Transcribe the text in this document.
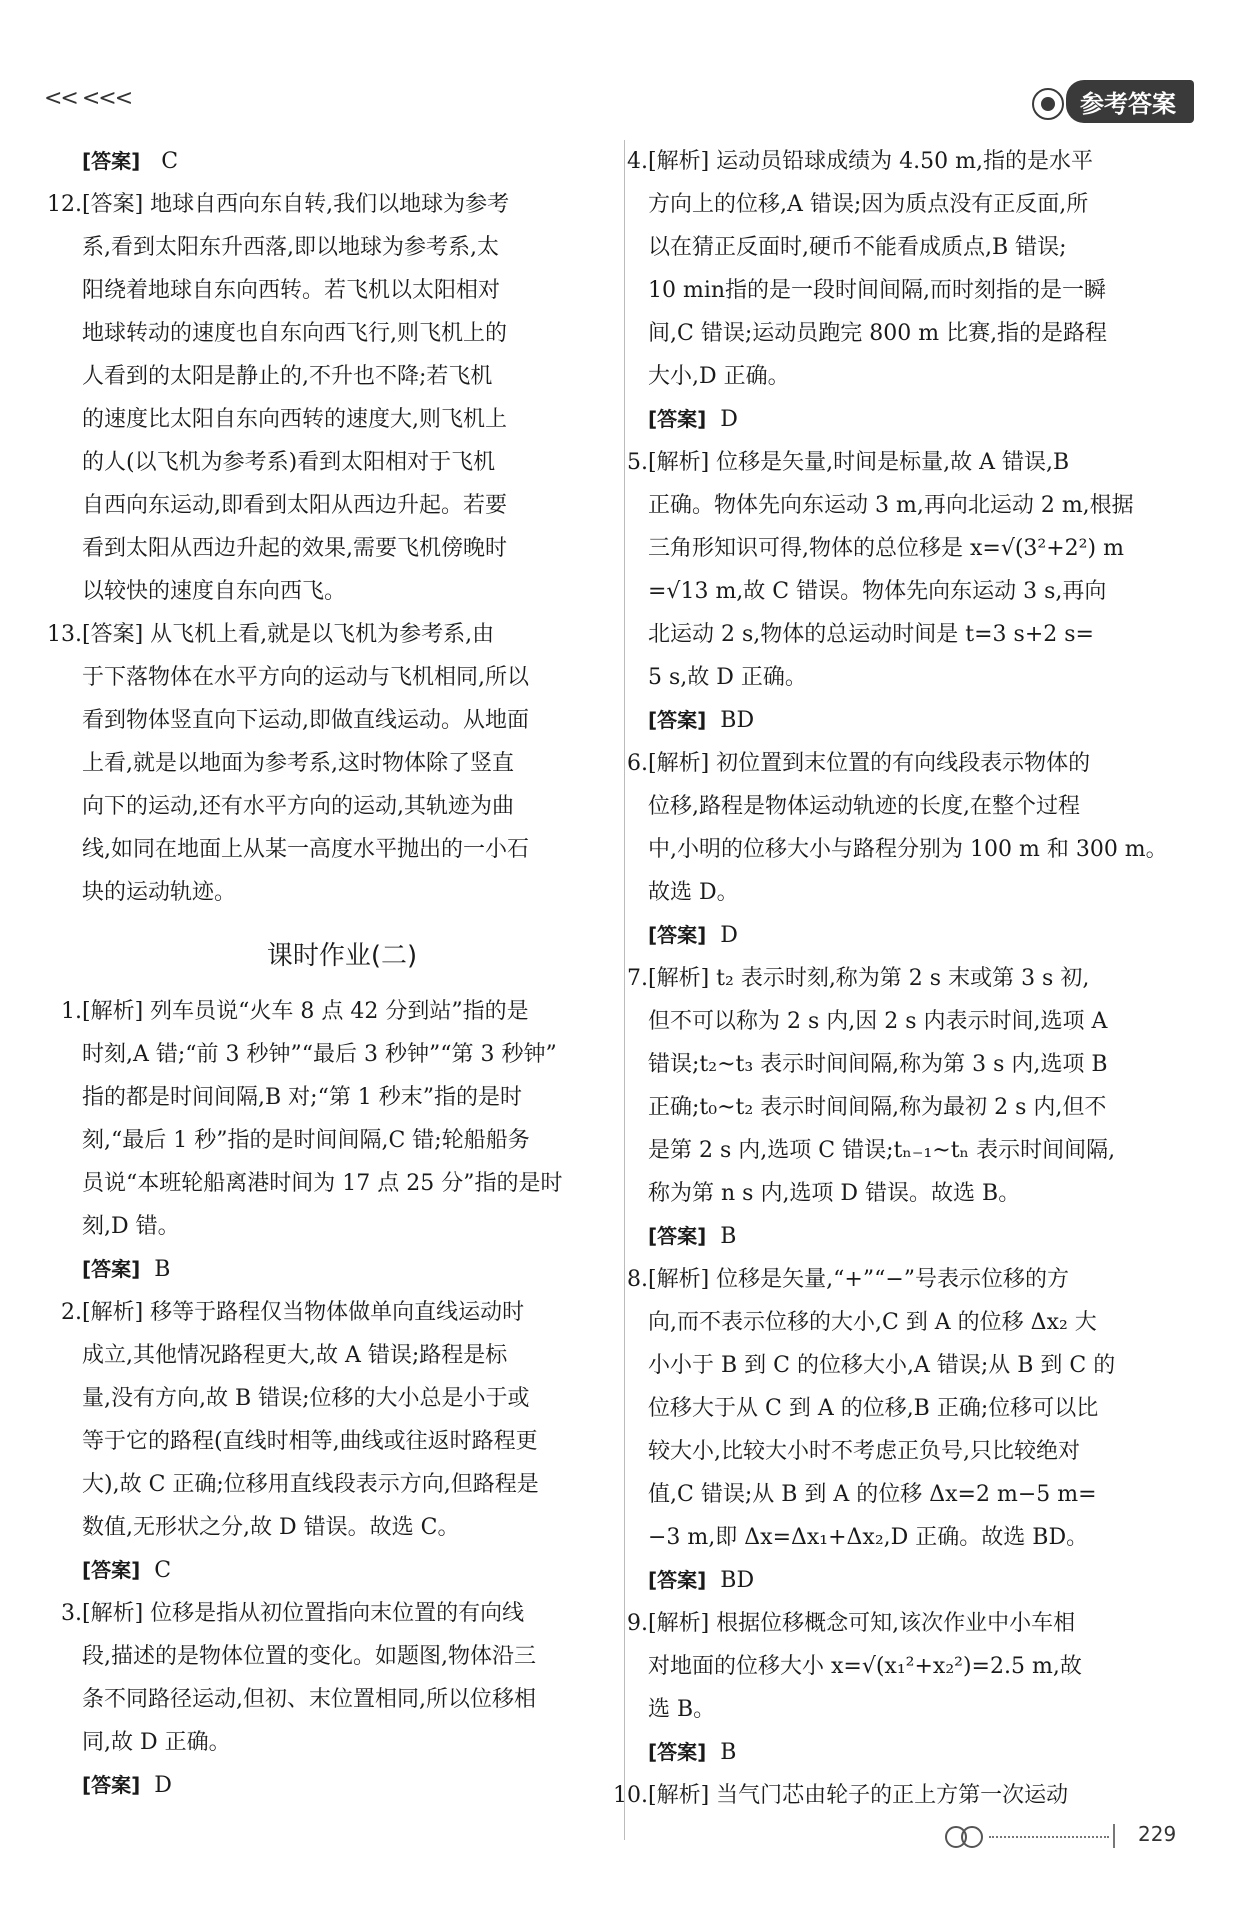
<< <<<	参考答案

[答案] C

12. [答案] 地球自西向东自转,我们以地球为参考

系,看到太阳东升西落,即以地球为参考系,太

阳绕着地球自东向西转。若飞机以太阳相对

地球转动的速度也自东向西飞行,则飞机上的

人看到的太阳是静止的,不升也不降;若飞机

的速度比太阳自东向西转的速度大,则飞机上

的人(以飞机为参考系)看到太阳相对于飞机

自西向东运动,即看到太阳从西边升起。若要

看到太阳从西边升起的效果,需要飞机傍晚时

以较快的速度自东向西飞。

13. [答案] 从飞机上看,就是以飞机为参考系,由

于下落物体在水平方向的运动与飞机相同,所以

看到物体竖直向下运动,即做直线运动。从地面

上看,就是以地面为参考系,这时物体除了竖直

向下的运动,还有水平方向的运动,其轨迹为曲

线,如同在地面上从某一高度水平抛出的一小石

块的运动轨迹。

课时作业(二)

1. [解析] 列车员说“火车 8 点 42 分到站”指的是

时刻,A 错;“前 3 秒钟”“最后 3 秒钟”“第 3 秒钟”

指的都是时间间隔,B 对;“第 1 秒末”指的是时

刻,“最后 1 秒”指的是时间间隔,C 错;轮船船务

员说“本班轮船离港时间为 17 点 25 分”指的是时

刻,D 错。

[答案] B

2. [解析] 移等于路程仅当物体做单向直线运动时

成立,其他情况路程更大,故 A 错误;路程是标

量,没有方向,故 B 错误;位移的大小总是小于或

等于它的路程(直线时相等,曲线或往返时路程更

大),故 C 正确;位移用直线段表示方向,但路程是

数值,无形状之分,故 D 错误。故选 C。

[答案] C

3. [解析] 位移是指从初位置指向末位置的有向线

段,描述的是物体位置的变化。如题图,物体沿三

条不同路径运动,但初、末位置相同,所以位移相

同,故 D 正确。

[答案] D

4. [解析] 运动员铅球成绩为 4.50 m,指的是水平

方向上的位移,A 错误;因为质点没有正反面,所

以在猜正反面时,硬币不能看成质点,B 错误;

10 min指的是一段时间间隔,而时刻指的是一瞬

间,C 错误;运动员跑完 800 m 比赛,指的是路程

大小,D 正确。

[答案] D

5. [解析] 位移是矢量,时间是标量,故 A 错误,B

正确。物体先向东运动 3 m,再向北运动 2 m,根据

三角形知识可得,物体的总位移是 x=√(3²+2²) m

=√13 m,故 C 错误。物体先向东运动 3 s,再向

北运动 2 s,物体的总运动时间是 t=3 s+2 s=

5 s,故 D 正确。

[答案] BD

6. [解析] 初位置到末位置的有向线段表示物体的

位移,路程是物体运动轨迹的长度,在整个过程

中,小明的位移大小与路程分别为 100 m 和 300 m。

故选 D。

[答案] D

7. [解析] t₂ 表示时刻,称为第 2 s 末或第 3 s 初,

但不可以称为 2 s 内,因 2 s 内表示时间,选项 A

错误;t₂~t₃ 表示时间间隔,称为第 3 s 内,选项 B

正确;t₀~t₂ 表示时间间隔,称为最初 2 s 内,但不

是第 2 s 内,选项 C 错误;tₙ₋₁~tₙ 表示时间间隔,

称为第 n s 内,选项 D 错误。故选 B。

[答案] B

8. [解析] 位移是矢量,“+”“−”号表示位移的方

向,而不表示位移的大小,C 到 A 的位移 Δx₂ 大

小小于 B 到 C 的位移大小,A 错误;从 B 到 C 的

位移大于从 C 到 A 的位移,B 正确;位移可以比

较大小,比较大小时不考虑正负号,只比较绝对

值,C 错误;从 B 到 A 的位移 Δx=2 m−5 m=

−3 m,即 Δx=Δx₁+Δx₂,D 正确。故选 BD。

[答案] BD

9. [解析] 根据位移概念可知,该次作业中小车相

对地面的位移大小 x=√(x₁²+x₂²)=2.5 m,故

选 B。

[答案] B

10. [解析] 当气门芯由轮子的正上方第一次运动

229
